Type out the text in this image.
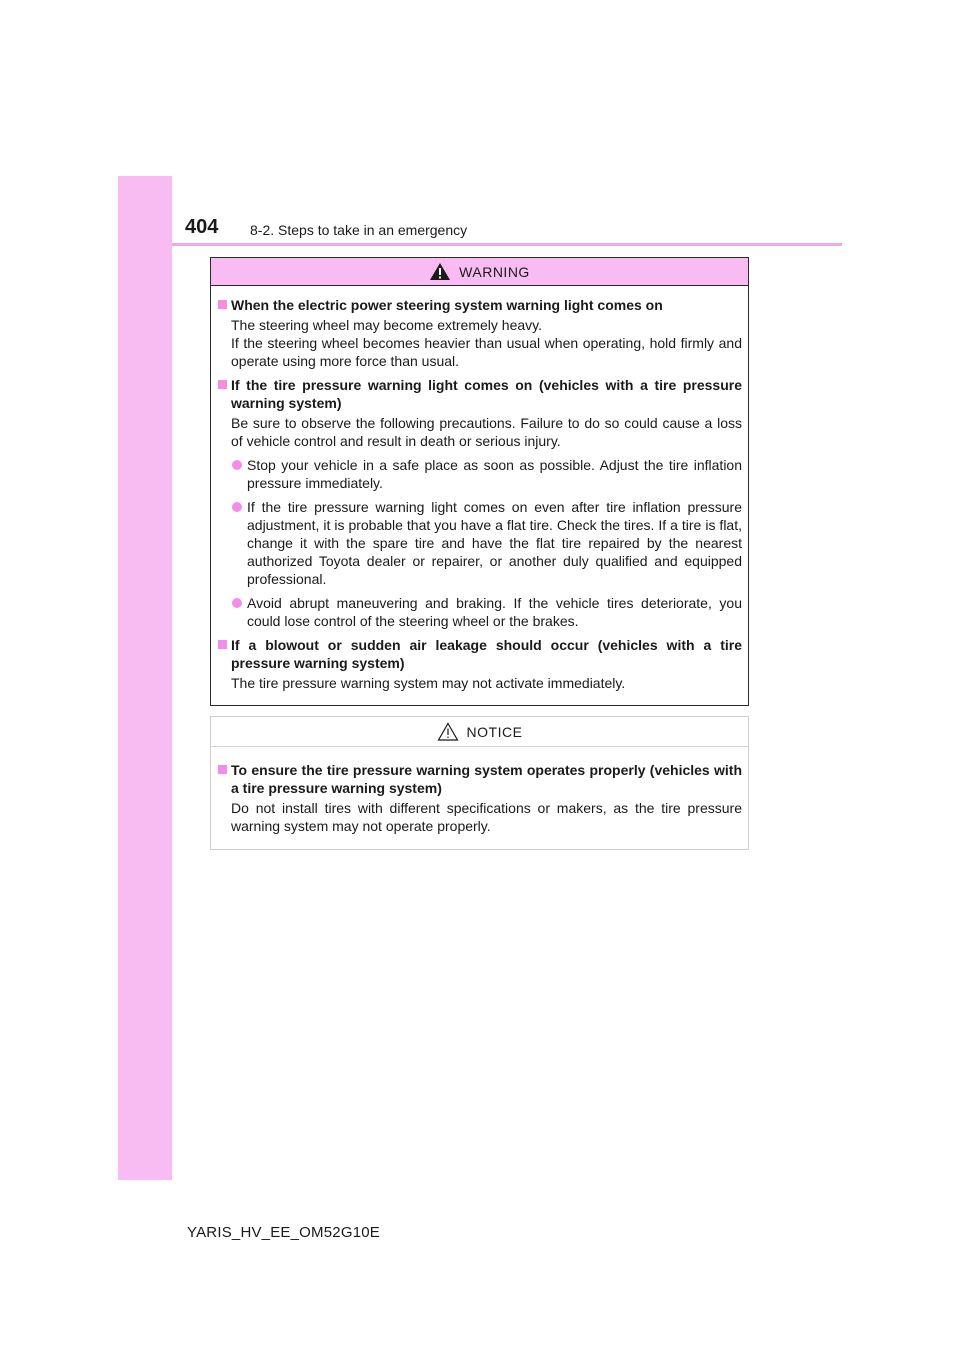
404 8-2. Steps to take in an emergency
WARNING
When the electric power steering system warning light comes on
The steering wheel may become extremely heavy.
If the steering wheel becomes heavier than usual when operating, hold firmly and operate using more force than usual.
If the tire pressure warning light comes on (vehicles with a tire pressure warning system)
Be sure to observe the following precautions. Failure to do so could cause a loss of vehicle control and result in death or serious injury.
Stop your vehicle in a safe place as soon as possible. Adjust the tire inflation pressure immediately.
If the tire pressure warning light comes on even after tire inflation pressure adjustment, it is probable that you have a flat tire. Check the tires. If a tire is flat, change it with the spare tire and have the flat tire repaired by the nearest authorized Toyota dealer or repairer, or another duly qualified and equipped professional.
Avoid abrupt maneuvering and braking. If the vehicle tires deteriorate, you could lose control of the steering wheel or the brakes.
If a blowout or sudden air leakage should occur (vehicles with a tire pressure warning system)
The tire pressure warning system may not activate immediately.
NOTICE
To ensure the tire pressure warning system operates properly (vehicles with a tire pressure warning system)
Do not install tires with different specifications or makers, as the tire pressure warning system may not operate properly.
YARIS_HV_EE_OM52G10E
